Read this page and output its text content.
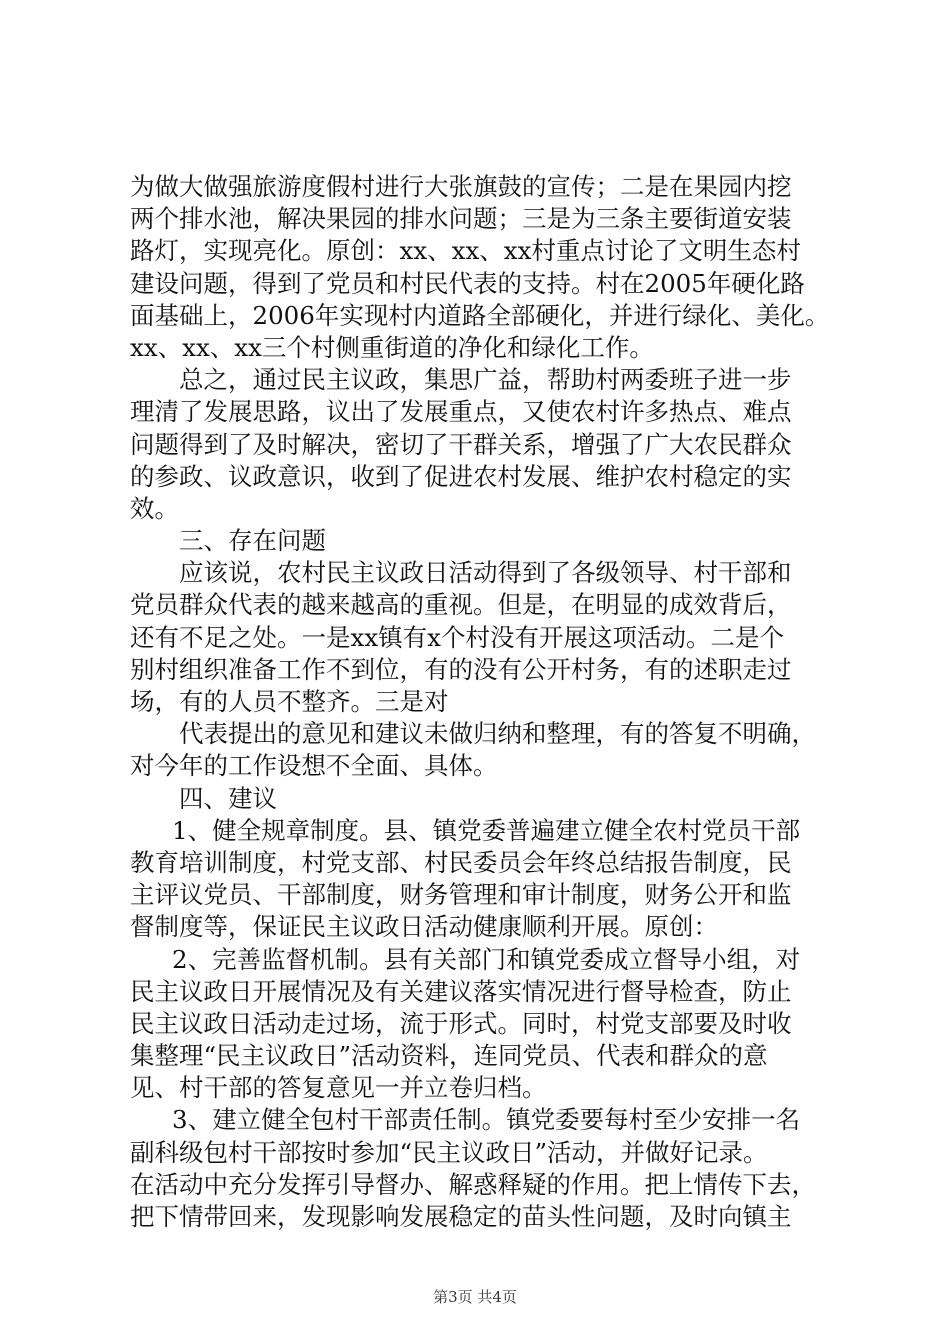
为做大做强旅游度假村进行大张旗鼓的宣传；二是在果园内挖
两个排水池，解决果园的排水问题；三是为三条主要街道安装
路灯，实现亮化。原创：xx、xx、xx村重点讨论了文明生态村
建设问题，得到了党员和村民代表的支持。村在2005年硬化路
面基础上，2006年实现村内道路全部硬化，并进行绿化、美化。
xx、xx、xx三个村侧重街道的净化和绿化工作。
总之，通过民主议政，集思广益，帮助村两委班子进一步
理清了发展思路，议出了发展重点，又使农村许多热点、难点
问题得到了及时解决，密切了干群关系，增强了广大农民群众
的参政、议政意识，收到了促进农村发展、维护农村稳定的实
效。
三、存在问题
应该说，农村民主议政日活动得到了各级领导、村干部和
党员群众代表的越来越高的重视。但是，在明显的成效背后，
还有不足之处。一是xx镇有x个村没有开展这项活动。二是个
别村组织准备工作不到位，有的没有公开村务，有的述职走过
场，有的人员不整齐。三是对
代表提出的意见和建议未做归纳和整理，有的答复不明确，
对今年的工作设想不全面、具体。
四、建议
1、健全规章制度。县、镇党委普遍建立健全农村党员干部
教育培训制度，村党支部、村民委员会年终总结报告制度，民
主评议党员、干部制度，财务管理和审计制度，财务公开和监
督制度等，保证民主议政日活动健康顺利开展。原创：
2、完善监督机制。县有关部门和镇党委成立督导小组，对
民主议政日开展情况及有关建议落实情况进行督导检查，防止
民主议政日活动走过场，流于形式。同时，村党支部要及时收
集整理“民主议政日”活动资料，连同党员、代表和群众的意
见、村干部的答复意见一并立卷归档。
3、建立健全包村干部责任制。镇党委要每村至少安排一名
副科级包村干部按时参加“民主议政日”活动，并做好记录。
在活动中充分发挥引导督办、解惑释疑的作用。把上情传下去，
把下情带回来，发现影响发展稳定的苗头性问题，及时向镇主
第3页 共4页
